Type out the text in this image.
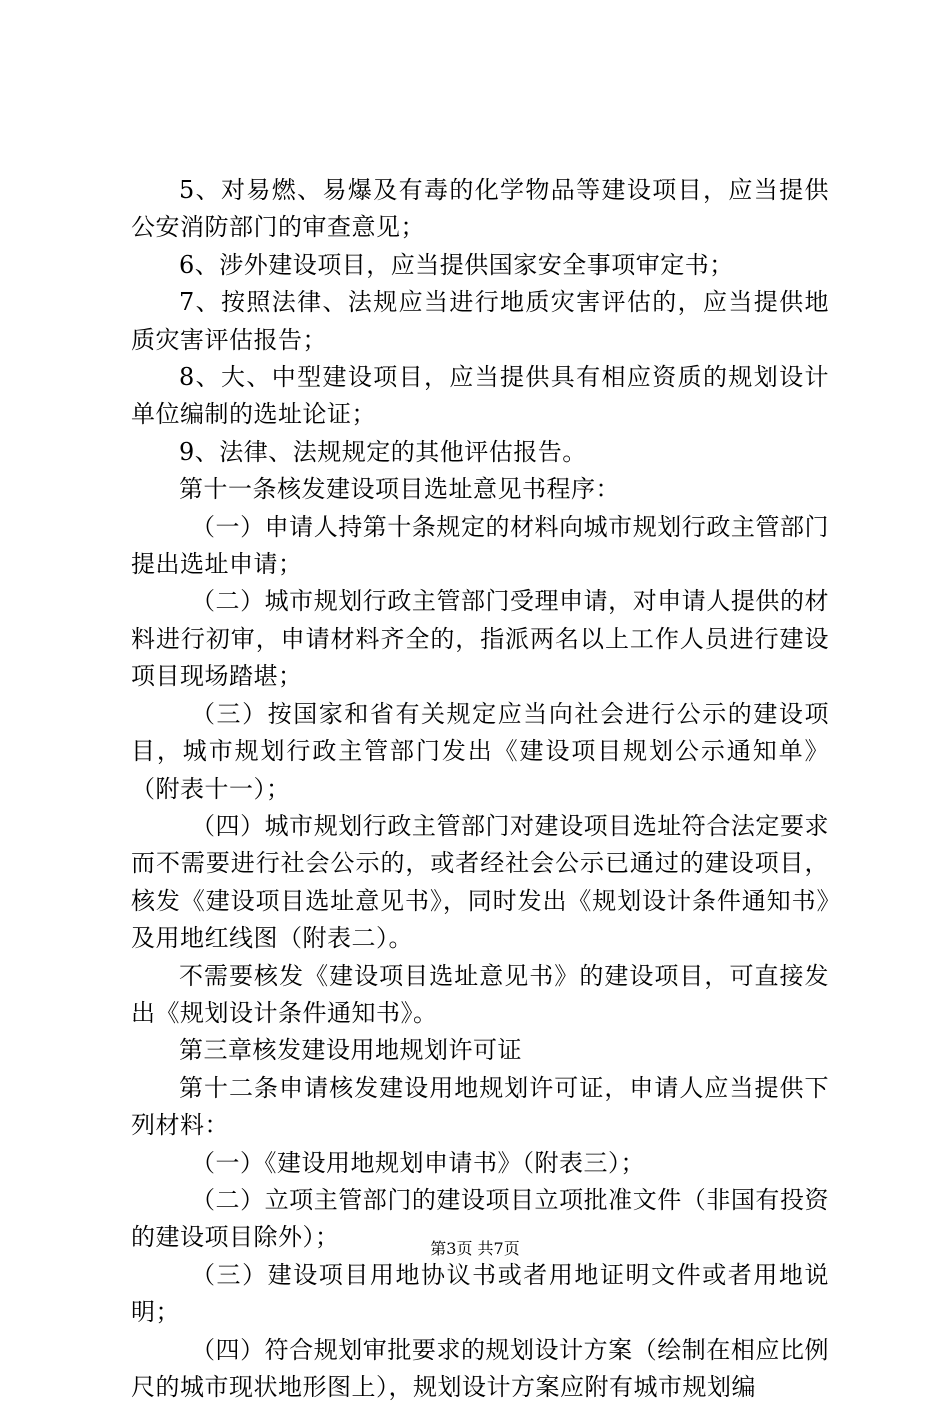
5、对易燃、易爆及有毒的化学物品等建设项目，应当提供公安消防部门的审查意见；

6、涉外建设项目，应当提供国家安全事项审定书；

7、按照法律、法规应当进行地质灾害评估的，应当提供地质灾害评估报告；

8、大、中型建设项目，应当提供具有相应资质的规划设计单位编制的选址论证；

9、法律、法规规定的其他评估报告。

第十一条核发建设项目选址意见书程序：

（一）申请人持第十条规定的材料向城市规划行政主管部门提出选址申请；

（二）城市规划行政主管部门受理申请，对申请人提供的材料进行初审，申请材料齐全的，指派两名以上工作人员进行建设项目现场踏堪；

（三）按国家和省有关规定应当向社会进行公示的建设项目，城市规划行政主管部门发出《建设项目规划公示通知单》（附表十一）；

（四）城市规划行政主管部门对建设项目选址符合法定要求而不需要进行社会公示的，或者经社会公示已通过的建设项目，核发《建设项目选址意见书》，同时发出《规划设计条件通知书》及用地红线图（附表二）。

不需要核发《建设项目选址意见书》的建设项目，可直接发出《规划设计条件通知书》。

第三章核发建设用地规划许可证

第十二条申请核发建设用地规划许可证，申请人应当提供下列材料：

（一）《建设用地规划申请书》（附表三）；

（二）立项主管部门的建设项目立项批准文件（非国有投资的建设项目除外）；

（三）建设项目用地协议书或者用地证明文件或者用地说明；

（四）符合规划审批要求的规划设计方案（绘制在相应比例尺的城市现状地形图上），规划设计方案应附有城市规划编

第3页 共7页
